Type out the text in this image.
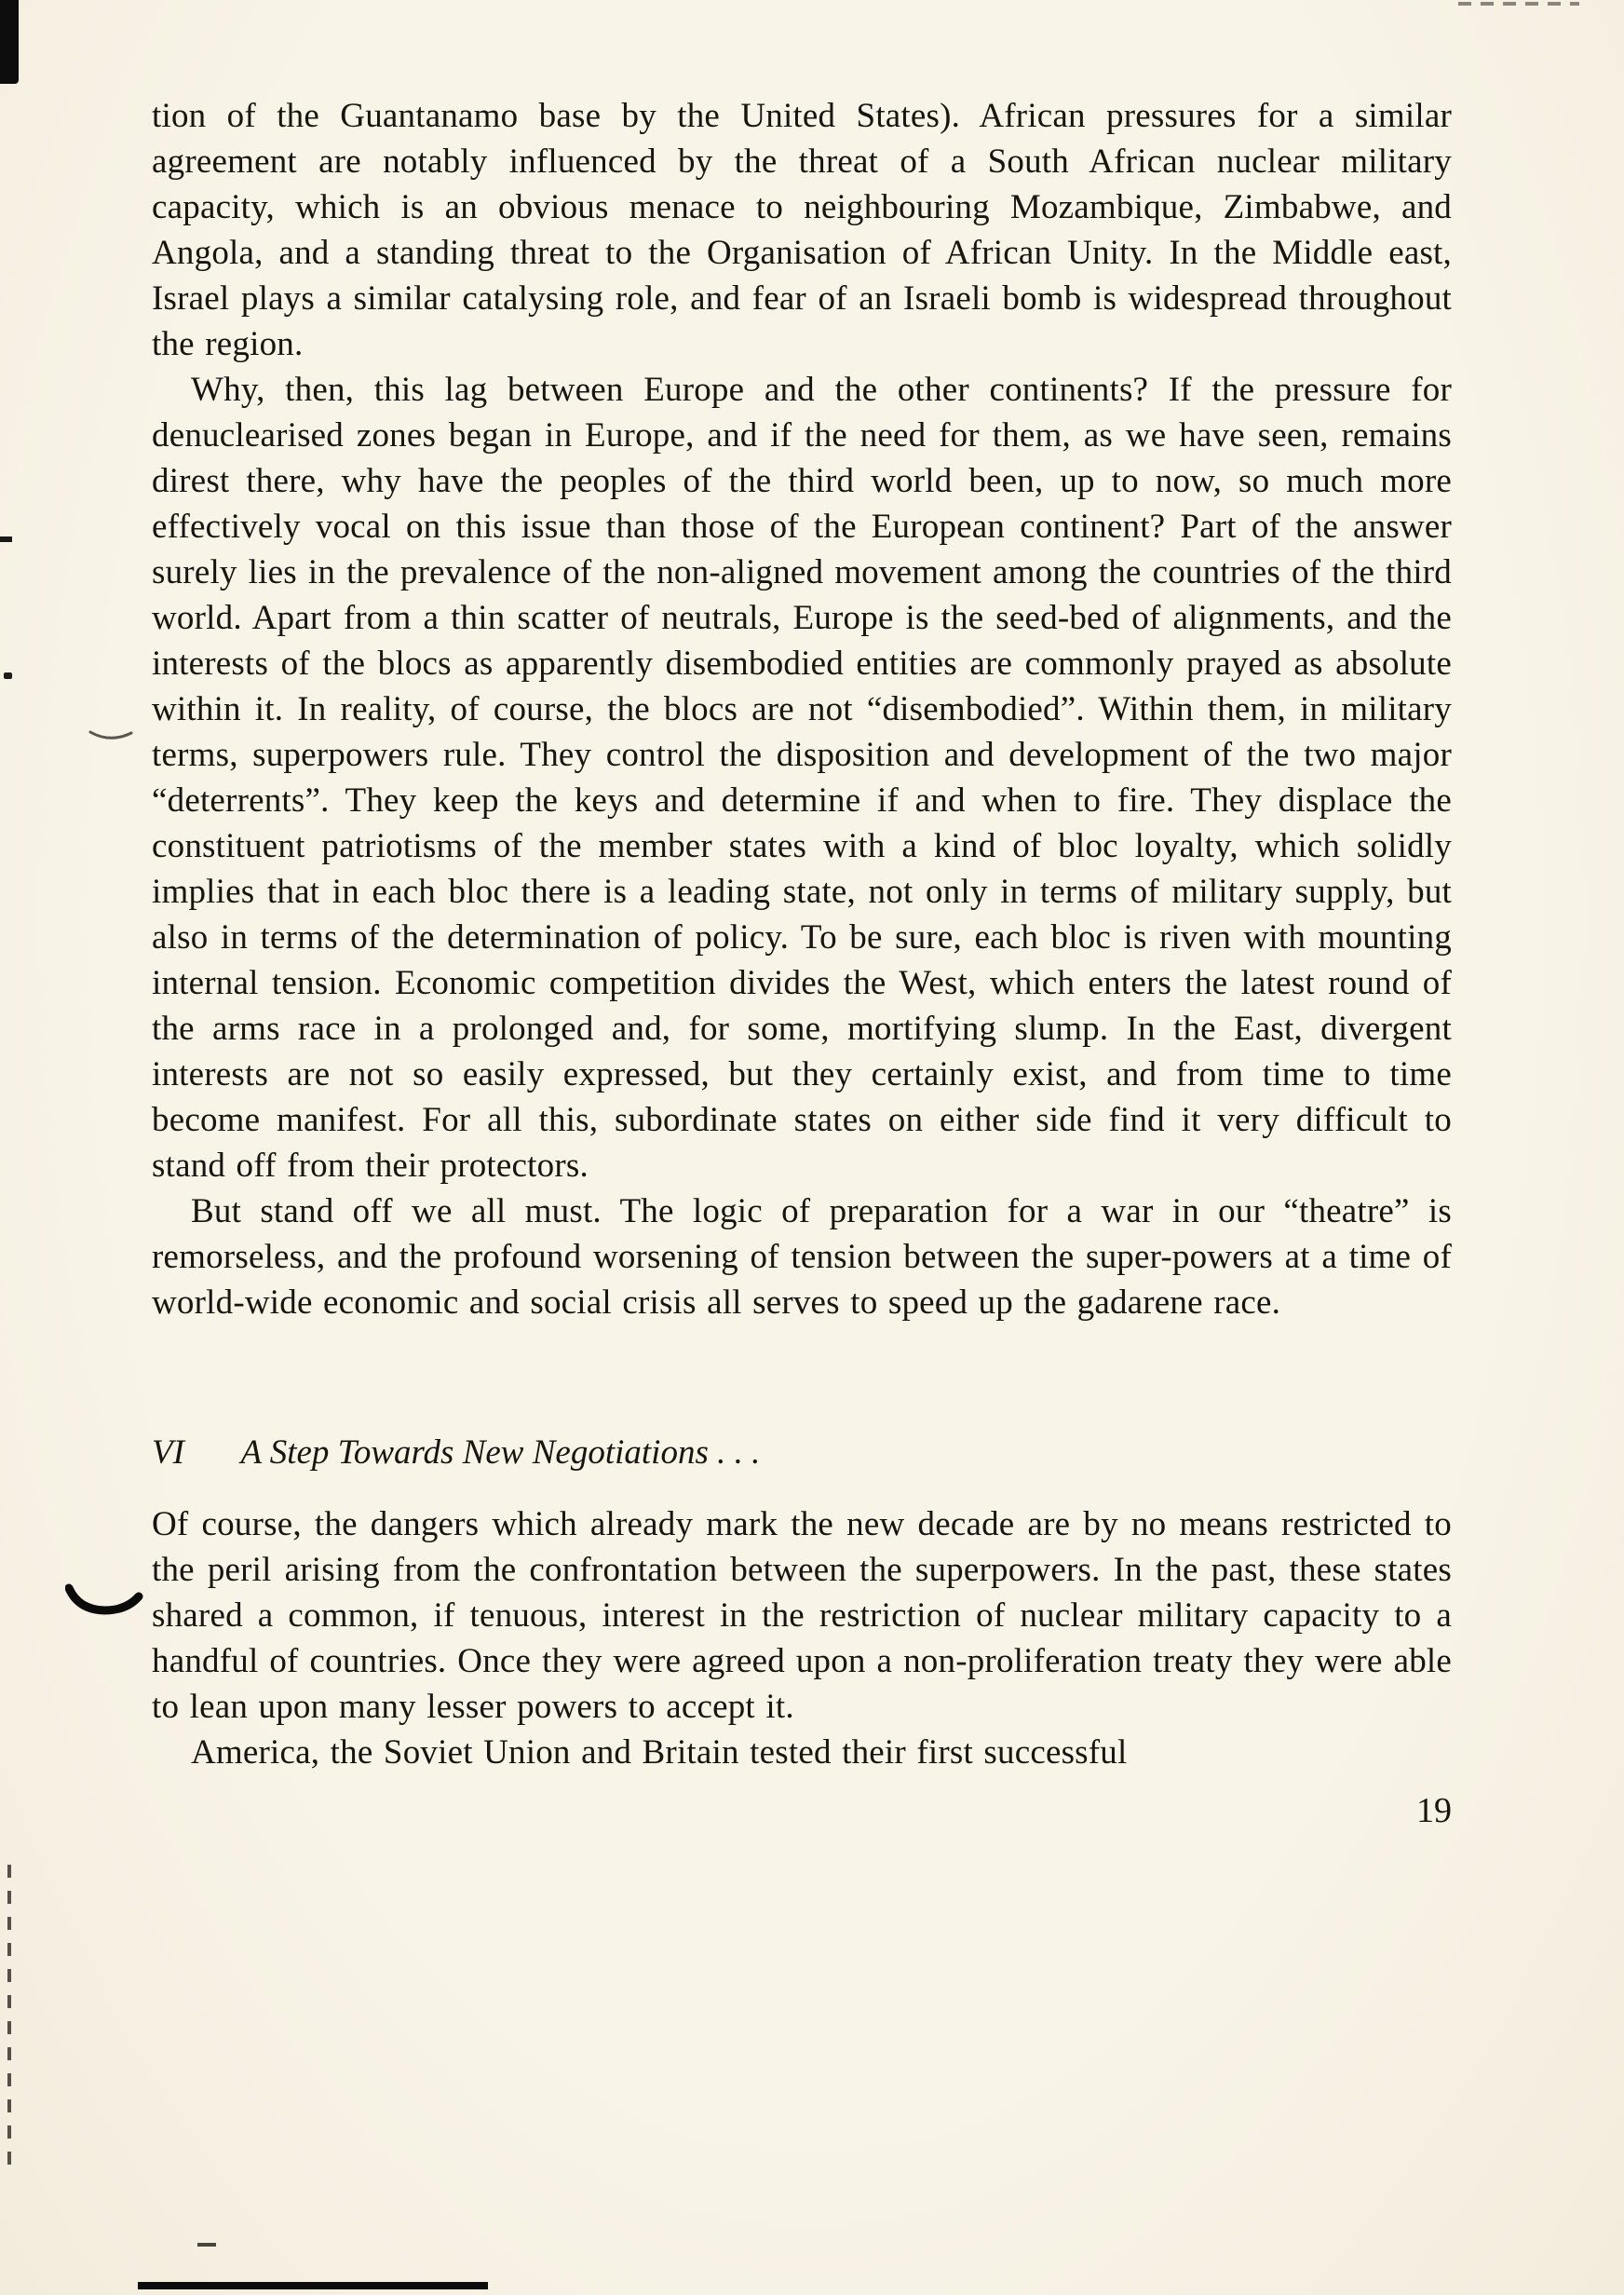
tion of the Guantanamo base by the United States). African pressures for a similar agreement are notably influenced by the threat of a South African nuclear military capacity, which is an obvious menace to neighbouring Mozambique, Zimbabwe, and Angola, and a standing threat to the Organisation of African Unity. In the Middle east, Israel plays a similar catalysing role, and fear of an Israeli bomb is widespread throughout the region.

Why, then, this lag between Europe and the other continents? If the pressure for denuclearised zones began in Europe, and if the need for them, as we have seen, remains direst there, why have the peoples of the third world been, up to now, so much more effectively vocal on this issue than those of the European continent? Part of the answer surely lies in the prevalence of the non-aligned movement among the countries of the third world. Apart from a thin scatter of neutrals, Europe is the seed-bed of alignments, and the interests of the blocs as apparently disembodied entities are commonly prayed as absolute within it. In reality, of course, the blocs are not “disembodied”. Within them, in military terms, superpowers rule. They control the disposition and development of the two major “deterrents”. They keep the keys and determine if and when to fire. They displace the constituent patriotisms of the member states with a kind of bloc loyalty, which solidly implies that in each bloc there is a leading state, not only in terms of military supply, but also in terms of the determination of policy. To be sure, each bloc is riven with mounting internal tension. Economic competition divides the West, which enters the latest round of the arms race in a prolonged and, for some, mortifying slump. In the East, divergent interests are not so easily expressed, but they certainly exist, and from time to time become manifest. For all this, subordinate states on either side find it very difficult to stand off from their protectors.

But stand off we all must. The logic of preparation for a war in our “theatre” is remorseless, and the profound worsening of tension between the super-powers at a time of world-wide economic and social crisis all serves to speed up the gadarene race.

VI A Step Towards New Negotiations . . .

Of course, the dangers which already mark the new decade are by no means restricted to the peril arising from the confrontation between the superpowers. In the past, these states shared a common, if tenuous, interest in the restriction of nuclear military capacity to a handful of countries. Once they were agreed upon a non-proliferation treaty they were able to lean upon many lesser powers to accept it.

America, the Soviet Union and Britain tested their first successful

19
